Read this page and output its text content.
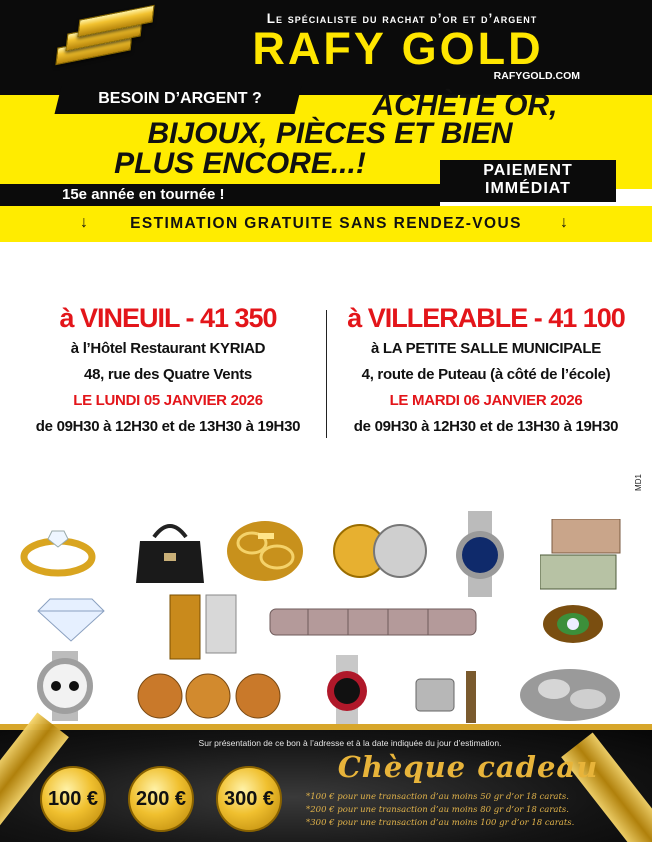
Le spécialiste du rachat d’or et d’argent
RAFY GOLD
RAFYGOLD.COM
BESOIN D’ARGENT ?	ACHÈTE OR,
BIJOUX, PIÈCES ET BIEN
PLUS ENCORE...!
15e année en tournée !
PAIEMENT
IMMÉDIAT
↓	ESTIMATION GRATUITE SANS RENDEZ-VOUS	↓
à VINEUIL - 41 350
à l’Hôtel Restaurant KYRIAD
48, rue des Quatre Vents
LE LUNDI 05 JANVIER 2026
de 09H30 à 12H30 et de 13H30 à 19H30
à VILLERABLE - 41 100
à LA PETITE SALLE MUNICIPALE
4, route de Puteau (à côté de l’école)
LE MARDI 06 JANVIER 2026
de 09H30 à 12H30 et de 13H30 à 19H30
MD1
Sur présentation de ce bon à l’adresse et à la date indiquée du jour d’estimation.
100 €	200 €	300 €
Chèque cadeau
*100 € pour une transaction d’au moins 50 gr d’or 18 carats.
*200 € pour une transaction d’au moins 80 gr d’or 18 carats.
*300 € pour une transaction d’au moins 100 gr d’or 18 carats.
